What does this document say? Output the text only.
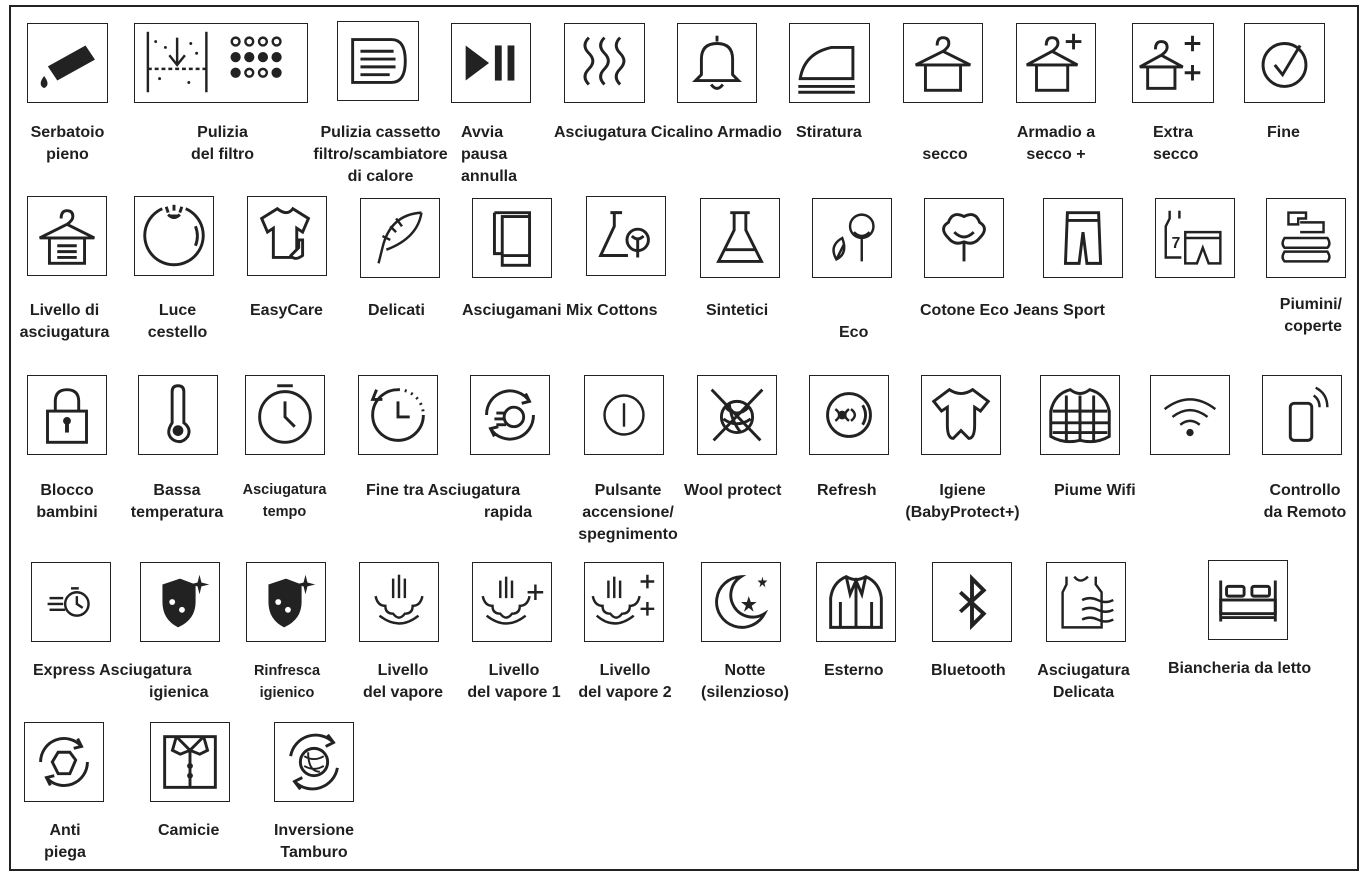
Serbatoio
pieno
Pulizia
del filtro
Pulizia cassetto
filtro/scambiatore
di calore
Avvia
pausa
annulla
Asciugatura Cicalino Armadio Stiratura
secco
Armadio a
secco +
Extra
secco
Fine
7
Livello di
asciugatura
Luce
cestello
EasyCare	Delicati Asciugamani Mix Cottons	Sintetici
Eco
Cotone Eco Jeans Sport	Piumini/
coperte
Blocco
bambini
Bassa
temperatura
Asciugatura
tempo
Fine tra Asciugatura
rapida
Pulsante
accensione/
spegnimento
Wool protect Refresh	Igiene
(BabyProtect+)
Piume Wifi	Controllo
da Remoto
Express Asciugatura
igienica
Rinfresca
igienico
Livello
del vapore
Livello
del vapore 1
Livello
del vapore 2
Notte
(silenzioso)
Esterno	Bluetooth	Asciugatura
Delicata
Biancheria da letto
Anti
piega
Camicie	Inversione
Tamburo
